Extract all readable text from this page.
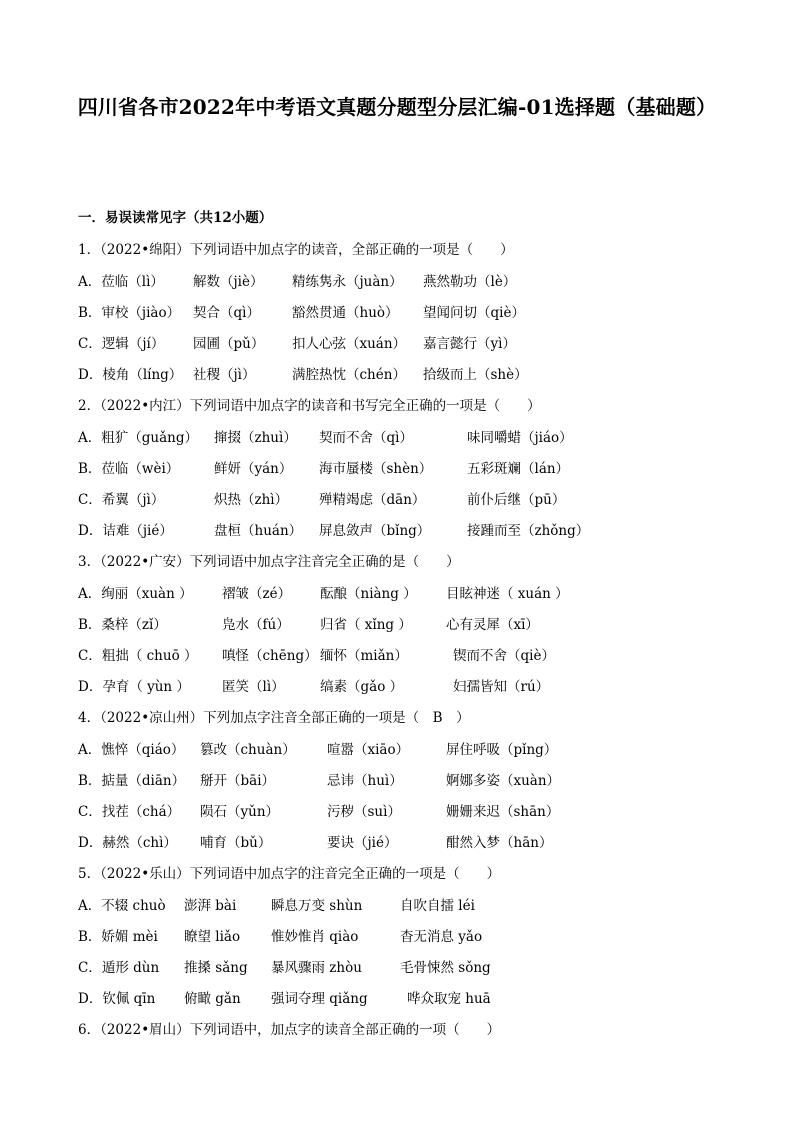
四川省各市2022年中考语文真题分题型分层汇编-01选择题（基础题）
一．易误读常见字（共12小题）
1．（2022•绵阳）下列词语中加点字的读音，全部正确的一项是（　　）
A．莅临（lì） 解数（jiè） 精练隽永（juàn） 燕然勒功（lè）
B．审校（jiào） 契合（qì） 豁然贯通（huò） 望闻问切（qiè）
C．逻辑（jí） 园圃（pǔ） 扣人心弦（xuán） 嘉言懿行（yì）
D．棱角（líng） 社稷（jì）	满腔热忱（chén） 拾级而上（shè）
2．（2022•内江）下列词语中加点字的读音和书写完全正确的一项是（　　）
A．粗犷（guǎng） 撺掇（zhuì） 契而不舍（qì）	味同嚼蜡（jiáo）
B．莅临（wèi）	鲜妍（yán） 海市蜃楼（shèn）	五彩斑斓（lán）
C．希翼（jì）	炽热（zhì） 殚精竭虑（dān）	前仆后继（pū）
D．诘难（jié）	盘桓（huán） 屏息敛声（bǐng）	接踵而至（zhǒng）
3．（2022•广安）下列词语中加点字注音完全正确的是（　　）
A．绚丽（xuàn ） 褶皱（zé） 酝酿（niàng ） 目眩神迷（ xuán ）
B．桑梓（zǐ）	凫水（fú） 归省（ xǐng ）	心有灵犀（xī）
C．粗拙（ chuō ） 嗔怪（chēng） 缅怀（miǎn）	锲而不舍（qiè）
D．孕育（ yùn ） 匿笑（lì）	缟素（gǎo ）	妇孺皆知（rú）
4．（2022•凉山州）下列加点字注音全部正确的一项是（　B　）
A．憔悴（qiáo） 篡改（chuàn） 喧嚣（xiāo）	屏住呼吸（pǐng）
B．掂量（diān） 掰开（bāi）	忌讳（huì）	婀娜多姿（xuàn）
C．找茬（chá） 陨石（yǔn）	污秽（suì）	姗姗来迟（shān）
D．赫然（chì） 哺育（bǔ）	要诀（jié）	酣然入梦（hān）
5．（2022•乐山）下列词语中加点字的注音完全正确的一项是（　　）
A．不辍 chuò 澎湃 bài	瞬息万变 shùn	自吹自擂 léi
B．娇媚 mèi 瞭望 liǎo 惟妙惟肖 qiào	杳无消息 yǎo
C．遁形 dùn 推搡 sǎng 暴风骤雨 zhòu	毛骨悚然 sǒng
D．钦佩 qīn 俯瞰 gǎn 强词夺理 qiǎng	哗众取宠 huā
6．（2022•眉山）下列词语中，加点字的读音全部正确的一项（　　）
